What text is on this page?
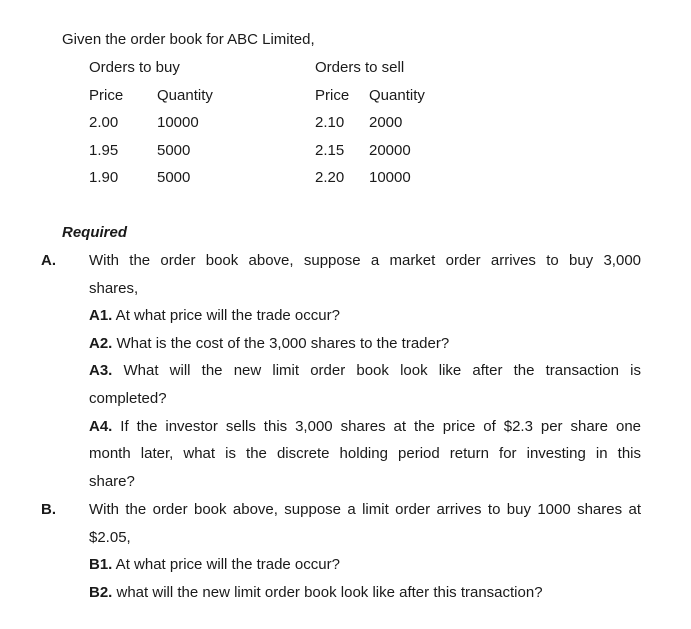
Given the order book for ABC Limited,
Orders to buy
Price Quantity
2.00	10000
1.95	5000
1.90	5000
Orders to sell
Price Quantity
2.10 2000
2.15 20000
2.20 10000
Required
A. With the order book above, suppose a market order arrives to buy 3,000
shares,
A1. At what price will the trade occur?
A2. What is the cost of the 3,000 shares to the trader?
A3. What will the new limit order book look like after the transaction is
completed?
A4. If the investor sells this 3,000 shares at the price of $2.3 per share one
month later, what is the discrete holding period return for investing in this
share?
B. With the order book above, suppose a limit order arrives to buy 1000 shares at
$2.05,
B1. At what price will the trade occur?
B2. what will the new limit order book look like after this transaction?
